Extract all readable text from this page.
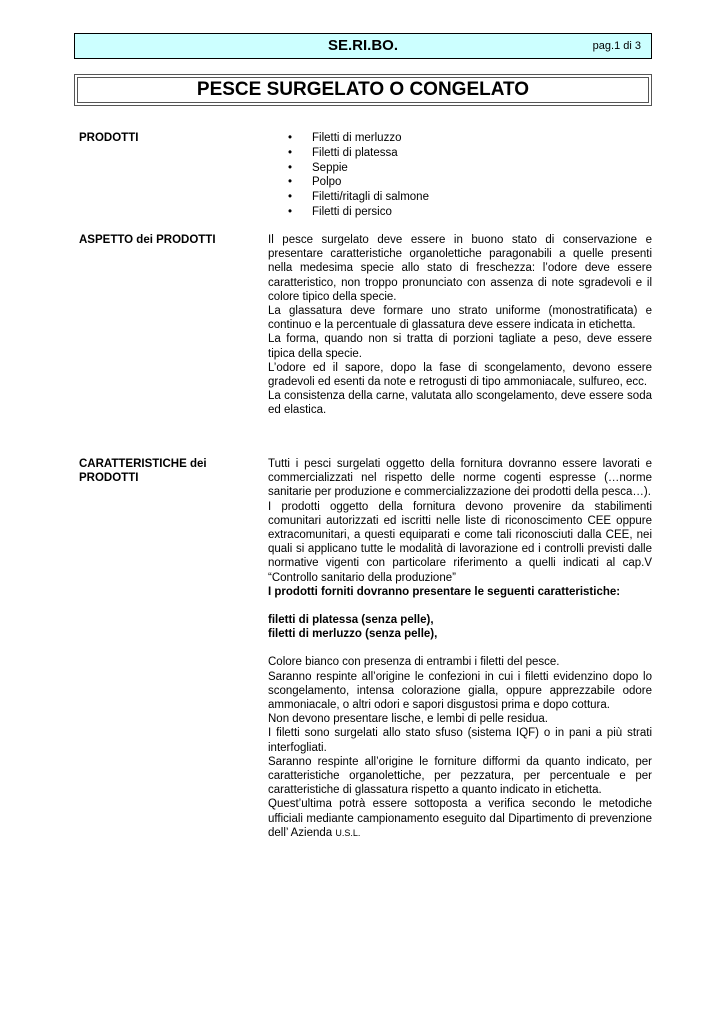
SE.RI.BO.	pag.1 di 3
PESCE SURGELATO O CONGELATO
PRODOTTI
•	Filetti di merluzzo
• Filetti di platessa
• Seppie
• Polpo
• Filetti/ritagli di salmone
• Filetti di persico
ASPETTO dei PRODOTTI	Il pesce surgelato deve essere in buono stato di conservazione e presentare caratteristiche organolettiche paragonabili a quelle presenti nella medesima specie allo stato di freschezza: l’odore deve essere caratteristico, non troppo pronunciato con assenza di note sgradevoli e il colore tipico della specie.

La glassatura deve formare uno strato uniforme (monostratificata) e continuo e la percentuale di glassatura deve essere indicata in etichetta.

La forma, quando non si tratta di porzioni tagliate a peso, deve essere tipica della specie.

L’odore ed il sapore, dopo la fase di scongelamento, devono essere gradevoli ed esenti da note e retrogusti di tipo ammoniacale, sulfureo, ecc.

La consistenza della carne, valutata allo scongelamento, deve essere soda ed elastica.

CARATTERISTICHE dei
PRODOTTI

Tutti i pesci surgelati oggetto della fornitura dovranno essere lavorati e commercializzati nel rispetto delle norme cogenti espresse (…norme sanitarie per produzione e commercializzazione dei prodotti della pesca…).

I prodotti oggetto della fornitura devono provenire da stabilimenti comunitari autorizzati ed iscritti nelle liste di riconoscimento CEE oppure extracomunitari, a questi equiparati e come tali riconosciuti dalla CEE, nei quali si applicano tutte le modalità di lavorazione ed i controlli previsti dalle normative vigenti con particolare riferimento a quelli indicati al cap.V “Controllo sanitario della produzione”

I prodotti forniti dovranno presentare le seguenti caratteristiche:

filetti di platessa (senza pelle),

filetti di merluzzo (senza pelle),

Colore bianco con presenza di entrambi i filetti del pesce.

Saranno respinte all’origine le confezioni in cui i filetti evidenzino dopo lo scongelamento, intensa colorazione gialla, oppure apprezzabile odore ammoniacale, o altri odori e sapori disgustosi prima e dopo cottura.

Non devono presentare lische, e lembi di pelle residua.

I filetti sono surgelati allo stato sfuso (sistema IQF) o in pani a più strati interfogliati.

Saranno respinte all’origine le forniture difformi da quanto indicato, per caratteristiche organolettiche, per pezzatura, per percentuale e per caratteristiche di glassatura rispetto a quanto indicato in etichetta.

Quest’ultima potrà essere sottoposta a verifica secondo le metodiche ufficiali mediante campionamento eseguito dal Dipartimento di prevenzione dell’ Azienda U.S.L.
